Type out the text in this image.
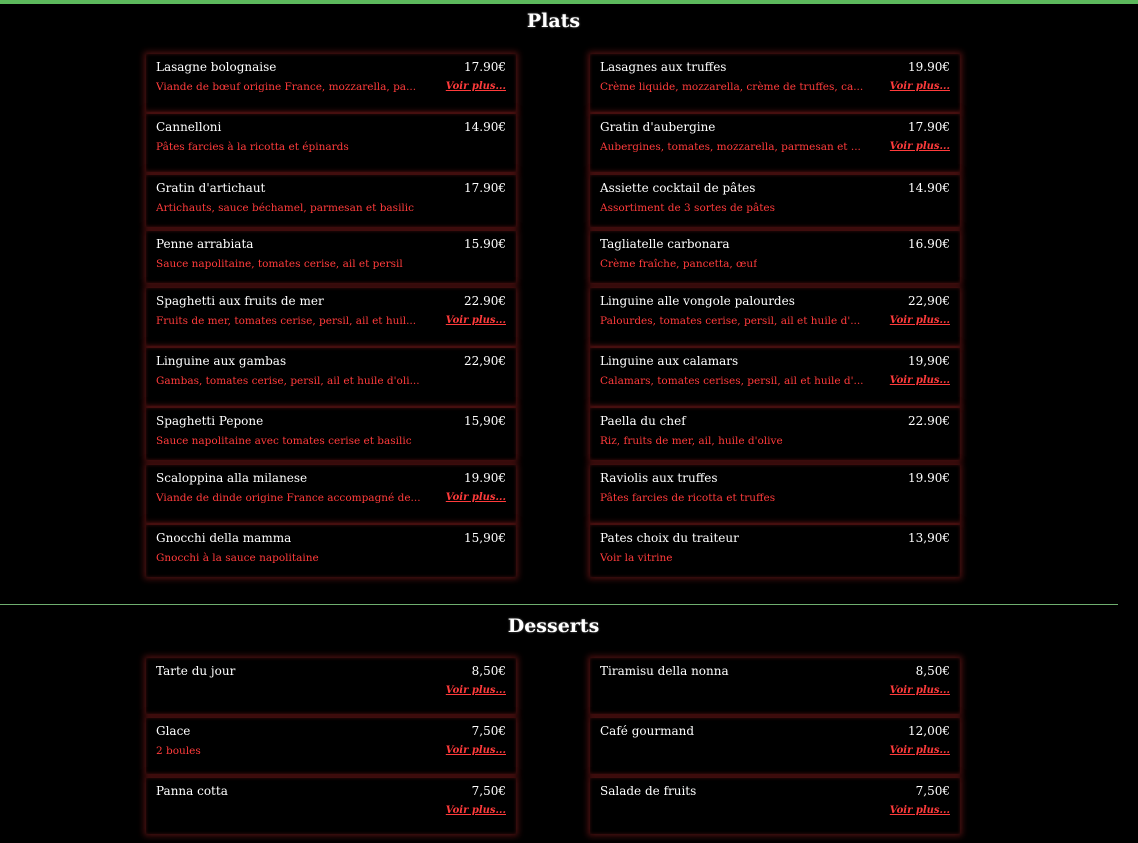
Plats
Lasagne bolognaise	17.90€
Viande de bœuf origine France, mozzarella, pa...	Voir plus...
Lasagnes aux truffes	19.90€
Crème liquide, mozzarella, crème de truffes, ca...	Voir plus...
Cannelloni	14.90€
Pâtes farcies à la ricotta et épinards
Gratin d'aubergine	17.90€
Aubergines, tomates, mozzarella, parmesan et ...	Voir plus...
Gratin d'artichaut	17.90€
Artichauts, sauce béchamel, parmesan et basilic
Assiette cocktail de pâtes	14.90€
Assortiment de 3 sortes de pâtes
Penne arrabiata	15.90€
Sauce napolitaine, tomates cerise, ail et persil
Tagliatelle carbonara	16.90€
Crème fraîche, pancetta, œuf
Spaghetti aux fruits de mer	22.90€
Fruits de mer, tomates cerise, persil, ail et huil...	Voir plus...
Linguine alle vongole palourdes	22,90€
Palourdes, tomates cerise, persil, ail et huile d'...	Voir plus...
Linguine aux gambas	22,90€
Gambas, tomates cerise, persil, ail et huile d'oli...
Linguine aux calamars	19,90€
Calamars, tomates cerises, persil, ail et huile d'...	Voir plus...
Spaghetti Pepone	15,90€
Sauce napolitaine avec tomates cerise et basilic
Paella du chef	22.90€
Riz, fruits de mer, ail, huile d'olive
Scaloppina alla milanese	19.90€
Viande de dinde origine France accompagné de...	Voir plus...
Raviolis aux truffes	19.90€
Pâtes farcies de ricotta et truffes
Gnocchi della mamma	15,90€
Gnocchi à la sauce napolitaine
Pates choix du traiteur	13,90€
Voir la vitrine
Desserts
Tarte du jour	8,50€
Voir plus...
Tiramisu della nonna	8,50€
Voir plus...
Glace	7,50€
2 boules	Voir plus...
Café gourmand	12,00€
Voir plus...
Panna cotta	7,50€
Voir plus...
Salade de fruits	7,50€
Voir plus...
